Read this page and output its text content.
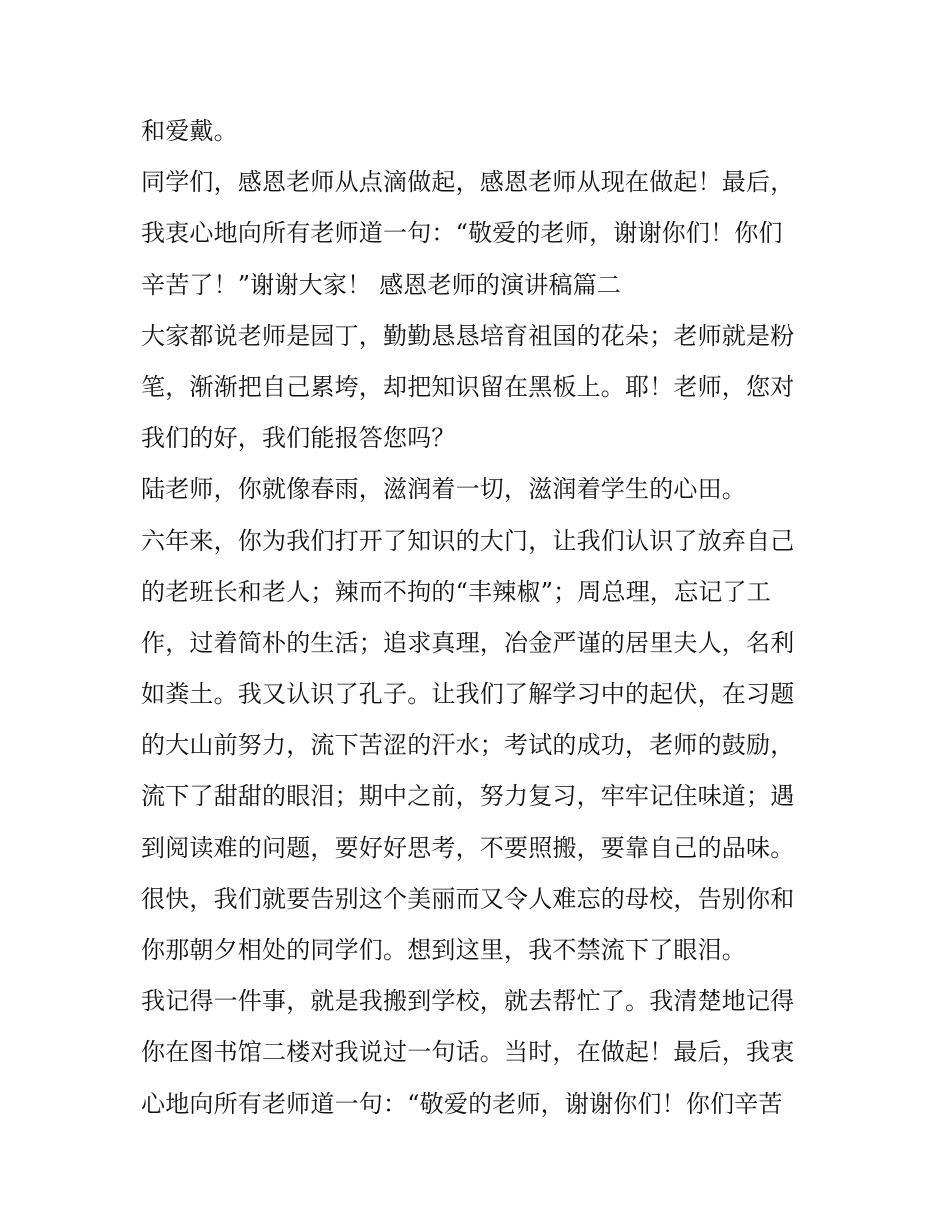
和爱戴。
同学们，感恩老师从点滴做起，感恩老师从现在做起！最后，
我衷心地向所有老师道一句：“敬爱的老师，谢谢你们！你们
辛苦了！”谢谢大家！ 感恩老师的演讲稿篇二
大家都说老师是园丁，勤勤恳恳培育祖国的花朵；老师就是粉
笔，渐渐把自己累垮，却把知识留在黑板上。耶！老师，您对
我们的好，我们能报答您吗？
陆老师，你就像春雨，滋润着一切，滋润着学生的心田。
六年来，你为我们打开了知识的大门，让我们认识了放弃自己
的老班长和老人；辣而不拘的“丰辣椒”；周总理，忘记了工
作，过着简朴的生活；追求真理，冶金严谨的居里夫人，名利
如粪土。我又认识了孔子。让我们了解学习中的起伏，在习题
的大山前努力，流下苦涩的汗水；考试的成功，老师的鼓励，
流下了甜甜的眼泪；期中之前，努力复习，牢牢记住味道；遇
到阅读难的问题，要好好思考，不要照搬，要靠自己的品味。
很快，我们就要告别这个美丽而又令人难忘的母校，告别你和
你那朝夕相处的同学们。想到这里，我不禁流下了眼泪。
我记得一件事，就是我搬到学校，就去帮忙了。我清楚地记得
你在图书馆二楼对我说过一句话。当时，在做起！最后，我衷
心地向所有老师道一句：“敬爱的老师，谢谢你们！你们辛苦
